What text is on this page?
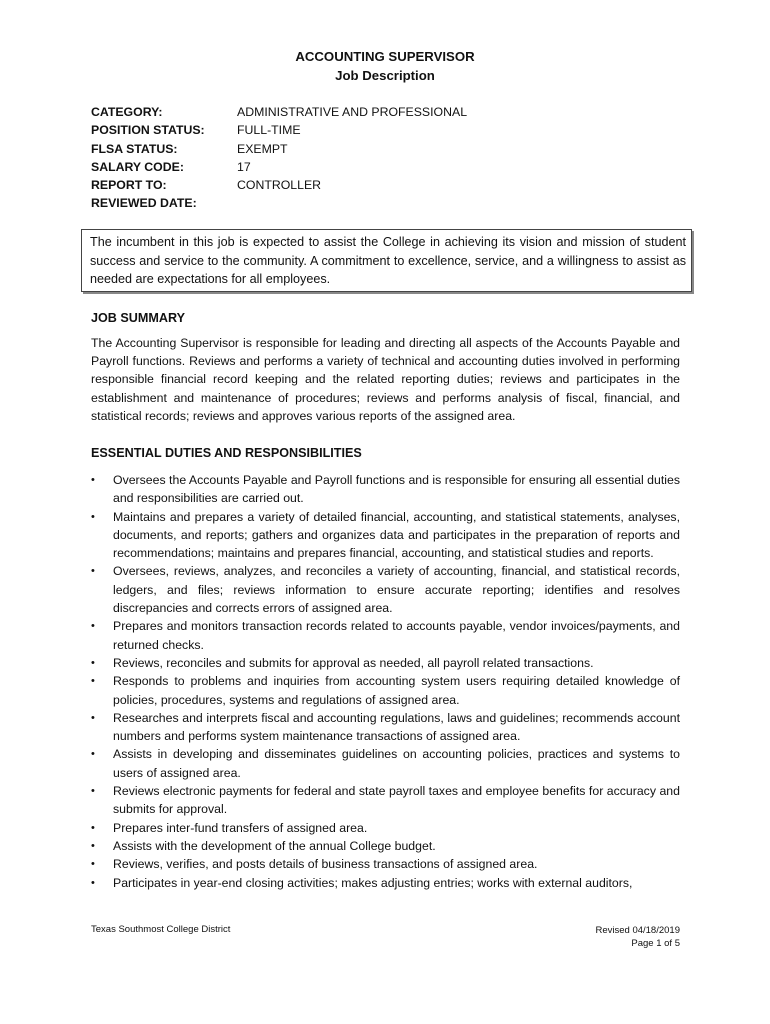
ACCOUNTING SUPERVISOR
Job Description
CATEGORY:	ADMINISTRATIVE AND PROFESSIONAL
POSITION STATUS:	FULL-TIME
FLSA STATUS:	EXEMPT
SALARY CODE:	17
REPORT TO:	CONTROLLER
REVIEWED DATE:
The incumbent in this job is expected to assist the College in achieving its vision and mission of student success and service to the community. A commitment to excellence, service, and a willingness to assist as needed are expectations for all employees.
JOB SUMMARY

The Accounting Supervisor is responsible for leading and directing all aspects of the Accounts Payable and Payroll functions. Reviews and performs a variety of technical and accounting duties involved in performing responsible financial record keeping and the related reporting duties; reviews and participates in the establishment and maintenance of procedures; reviews and performs analysis of fiscal, financial, and statistical records; reviews and approves various reports of the assigned area.

ESSENTIAL DUTIES AND RESPONSIBILITIES
• Oversees the Accounts Payable and Payroll functions and is responsible for ensuring all essential duties and responsibilities are carried out.
• Maintains and prepares a variety of detailed financial, accounting, and statistical statements, analyses, documents, and reports; gathers and organizes data and participates in the preparation of reports and recommendations; maintains and prepares financial, accounting, and statistical studies and reports.
• Oversees, reviews, analyzes, and reconciles a variety of accounting, financial, and statistical records, ledgers, and files; reviews information to ensure accurate reporting; identifies and resolves discrepancies and corrects errors of assigned area.
• Prepares and monitors transaction records related to accounts payable, vendor invoices/payments, and returned checks.
• Reviews, reconciles and submits for approval as needed, all payroll related transactions.
• Responds to problems and inquiries from accounting system users requiring detailed knowledge of policies, procedures, systems and regulations of assigned area.
• Researches and interprets fiscal and accounting regulations, laws and guidelines; recommends account numbers and performs system maintenance transactions of assigned area.
• Assists in developing and disseminates guidelines on accounting policies, practices and systems to users of assigned area.
• Reviews electronic payments for federal and state payroll taxes and employee benefits for accuracy and submits for approval.
• Prepares inter-fund transfers of assigned area.
• Assists with the development of the annual College budget.
• Reviews, verifies, and posts details of business transactions of assigned area.
• Participates in year-end closing activities; makes adjusting entries; works with external auditors,
Texas Southmost College District	Revised 04/18/2019
Page 1 of 5
